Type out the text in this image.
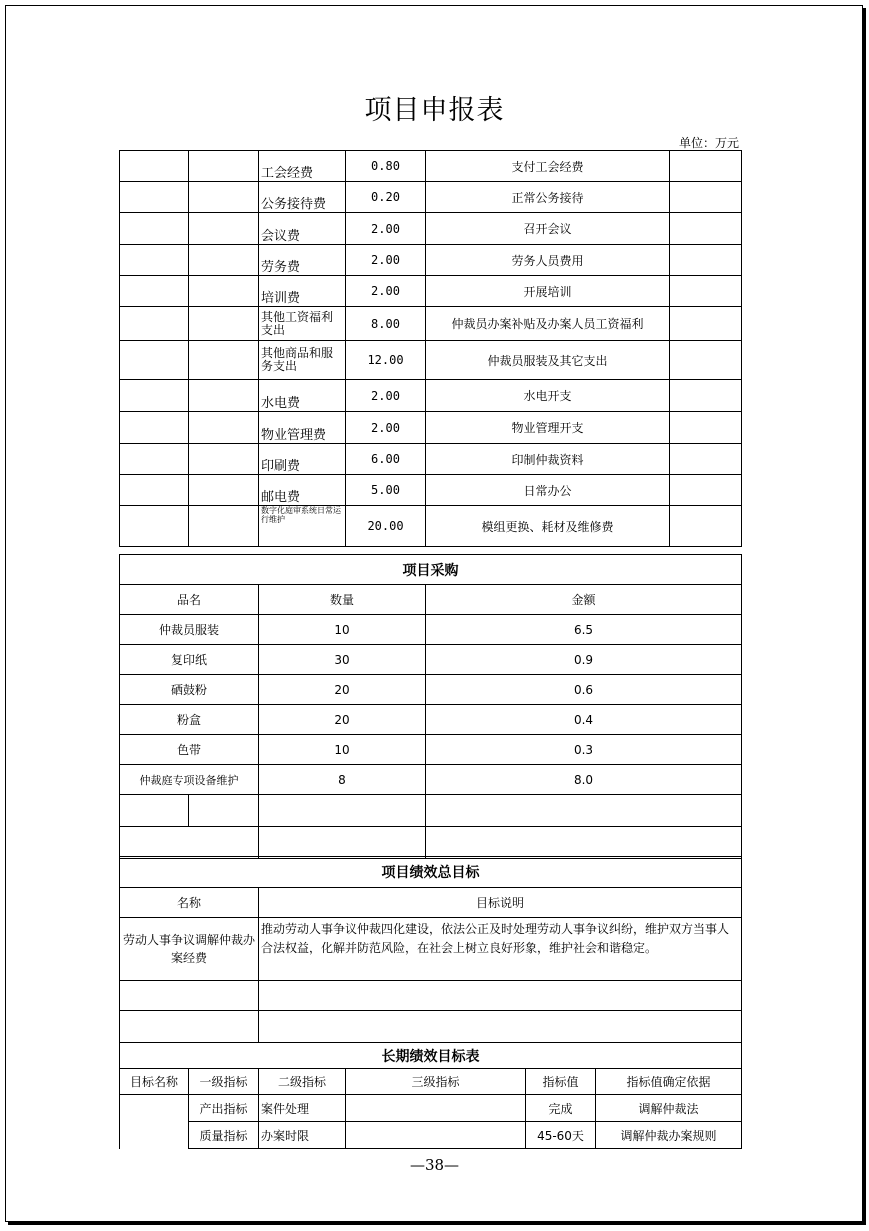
项目申报表
单位：万元
		工会经费	0.80	支付工会经费	
		公务接待费	0.20	正常公务接待	
		会议费	2.00	召开会议	
		劳务费	2.00	劳务人员费用	
		培训费	2.00	开展培训	
		其他工资福利支出	8.00	仲裁员办案补贴及办案人员工资福利	
		其他商品和服务支出	12.00	仲裁员服装及其它支出	
		水电费	2.00	水电开支	
		物业管理费	2.00	物业管理开支	
		印刷费	6.00	印制仲裁资料	
		邮电费	5.00	日常办公	
		数字化庭审系统日常运行维护	20.00	模组更换、耗材及维修费	
项目采购			
品名		数量	金额
仲裁员服装		10	6.5
复印纸		30	0.9
硒鼓粉		20	0.6
粉盒		20	0.4
色带		10	0.3
仲裁庭专项设备维护		8	8.0

项目绩效总目标	
名称	目标说明
劳动人事争议调解仲裁办案经费	推动劳动人事争议仲裁四化建设，依法公正及时处理劳动人事争议纠纷，维护双方当事人合法权益，化解并防范风险，在社会上树立良好形象，维护社会和谐稳定。

长期绩效目标表					
目标名称	一级指标	二级指标	三级指标	指标值	指标值确定依据
	产出指标	案件处理		完成	调解仲裁法
	质量指标	办案时限		45-60天	调解仲裁办案规则
—38—
